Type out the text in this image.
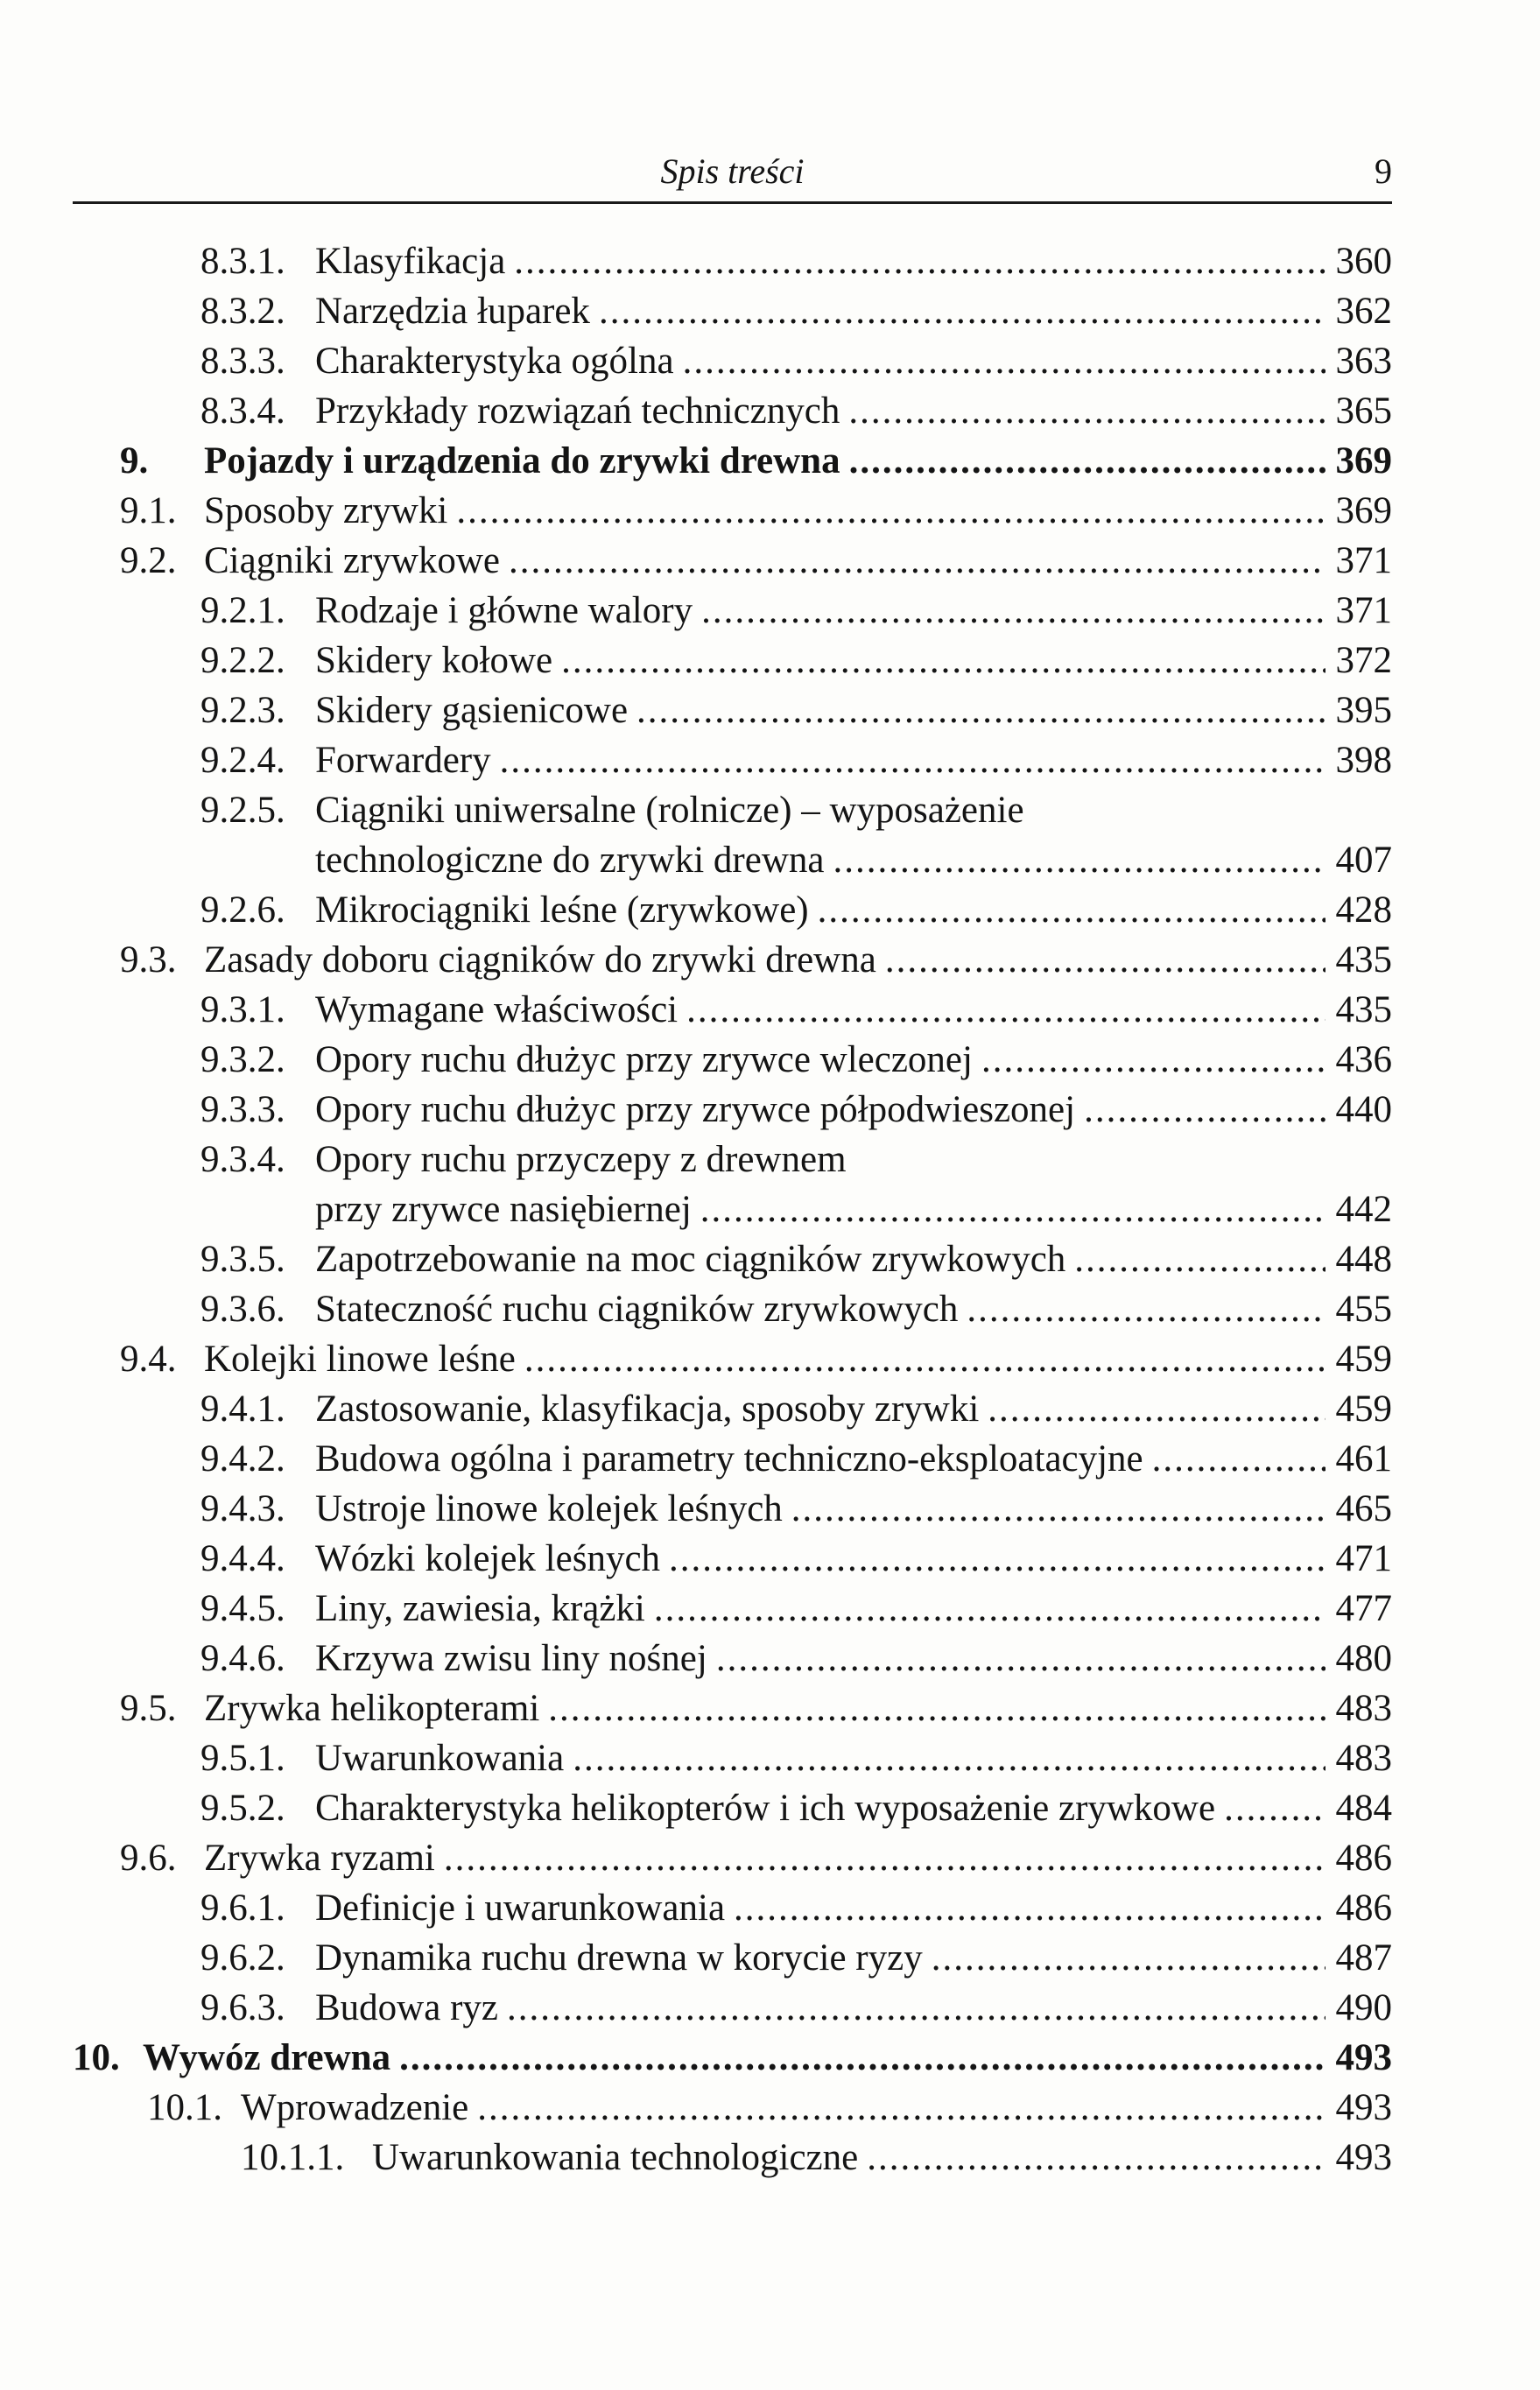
Spis treści	9
8.3.1. Klasyfikacja .....	360
8.3.2. Narzędzia łuparek .....	362
8.3.3. Charakterystyka ogólna .....	363
8.3.4. Przykłady rozwiązań technicznych .....	365
9. Pojazdy i urządzenia do zrywki drewna .....	369
9.1. Sposoby zrywki .....	369
9.2. Ciągniki zrywkowe .....	371
9.2.1. Rodzaje i główne walory .....	371
9.2.2. Skidery kołowe .....	372
9.2.3. Skidery gąsienicowe .....	395
9.2.4. Forwardery .....	398
9.2.5. Ciągniki uniwersalne (rolnicze) – wyposażenie
technologiczne do zrywki drewna .....	407
9.2.6. Mikrociągniki leśne (zrywkowe) .....	428
9.3. Zasady doboru ciągników do zrywki drewna .....	435
9.3.1. Wymagane właściwości .....	435
9.3.2. Opory ruchu dłużyc przy zrywce wleczonej .....	436
9.3.3. Opory ruchu dłużyc przy zrywce półpodwieszonej .....	440
9.3.4. Opory ruchu przyczepy z drewnem
przy zrywce nasiębiernej .....	442
9.3.5. Zapotrzebowanie na moc ciągników zrywkowych .....	448
9.3.6. Stateczność ruchu ciągników zrywkowych .....	455
9.4. Kolejki linowe leśne .....	459
9.4.1. Zastosowanie, klasyfikacja, sposoby zrywki .....	459
9.4.2. Budowa ogólna i parametry techniczno-eksploatacyjne .....	461
9.4.3. Ustroje linowe kolejek leśnych .....	465
9.4.4. Wózki kolejek leśnych .....	471
9.4.5. Liny, zawiesia, krążki .....	477
9.4.6. Krzywa zwisu liny nośnej .....	480
9.5. Zrywka helikopterami .....	483
9.5.1. Uwarunkowania .....	483
9.5.2. Charakterystyka helikopterów i ich wyposażenie zrywkowe .....	484
9.6. Zrywka ryzami .....	486
9.6.1. Definicje i uwarunkowania .....	486
9.6.2. Dynamika ruchu drewna w korycie ryzy .....	487
9.6.3. Budowa ryz .....	490
10. Wywóz drewna .....	493
10.1. Wprowadzenie .....	493
10.1.1. Uwarunkowania technologiczne .....	493
